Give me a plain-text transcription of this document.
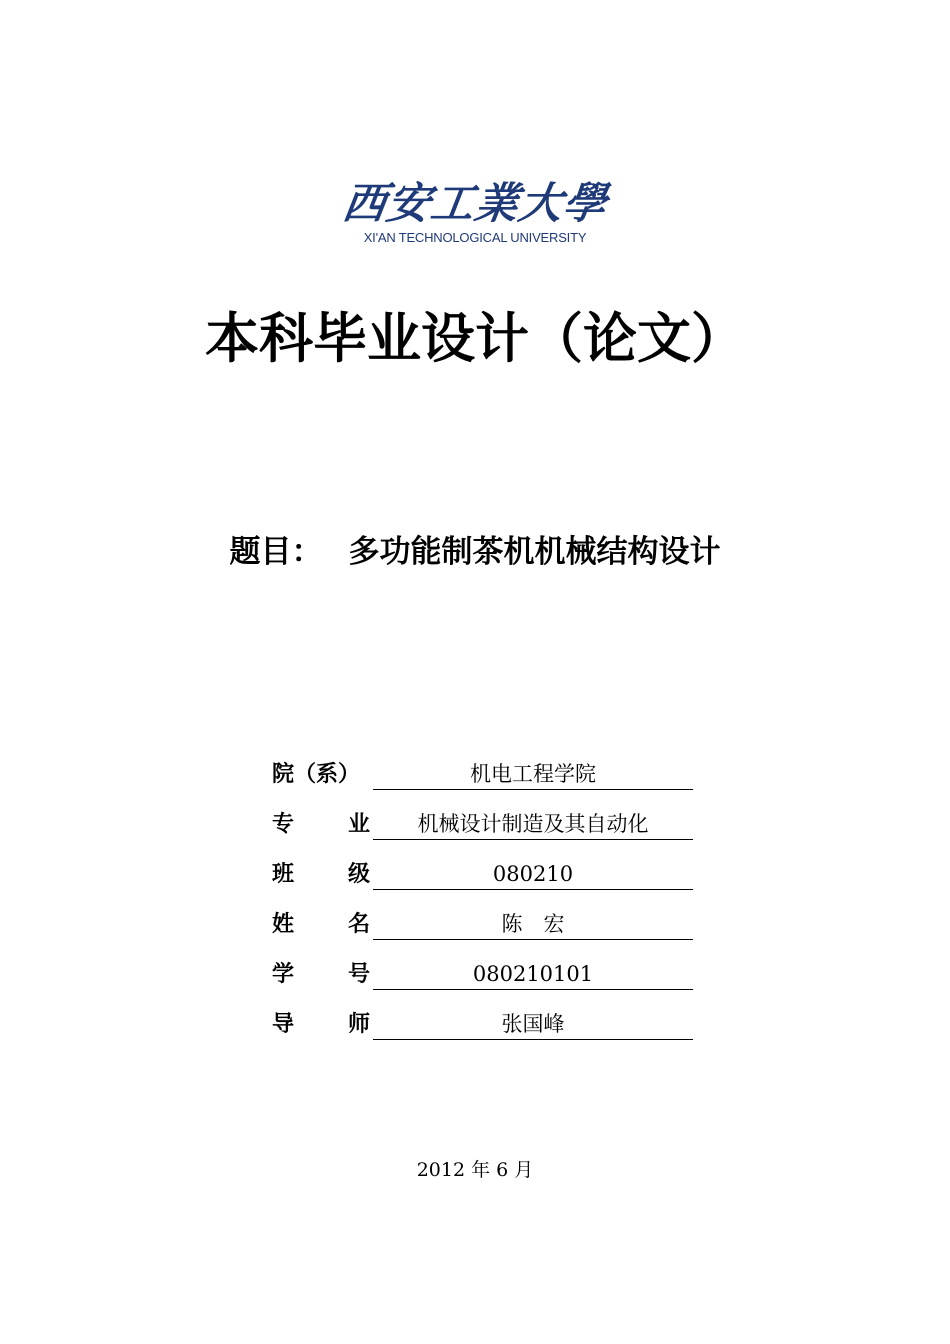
西安工業大學
XI'AN TECHNOLOGICAL UNIVERSITY
本科毕业设计（论文）
题目： 多功能制茶机机械结构设计
院（系）	机电工程学院
专 业	机械设计制造及其自动化
班 级	080210
姓 名	陈　宏
学 号	080210101
导 师	张国峰
2012 年 6 月
